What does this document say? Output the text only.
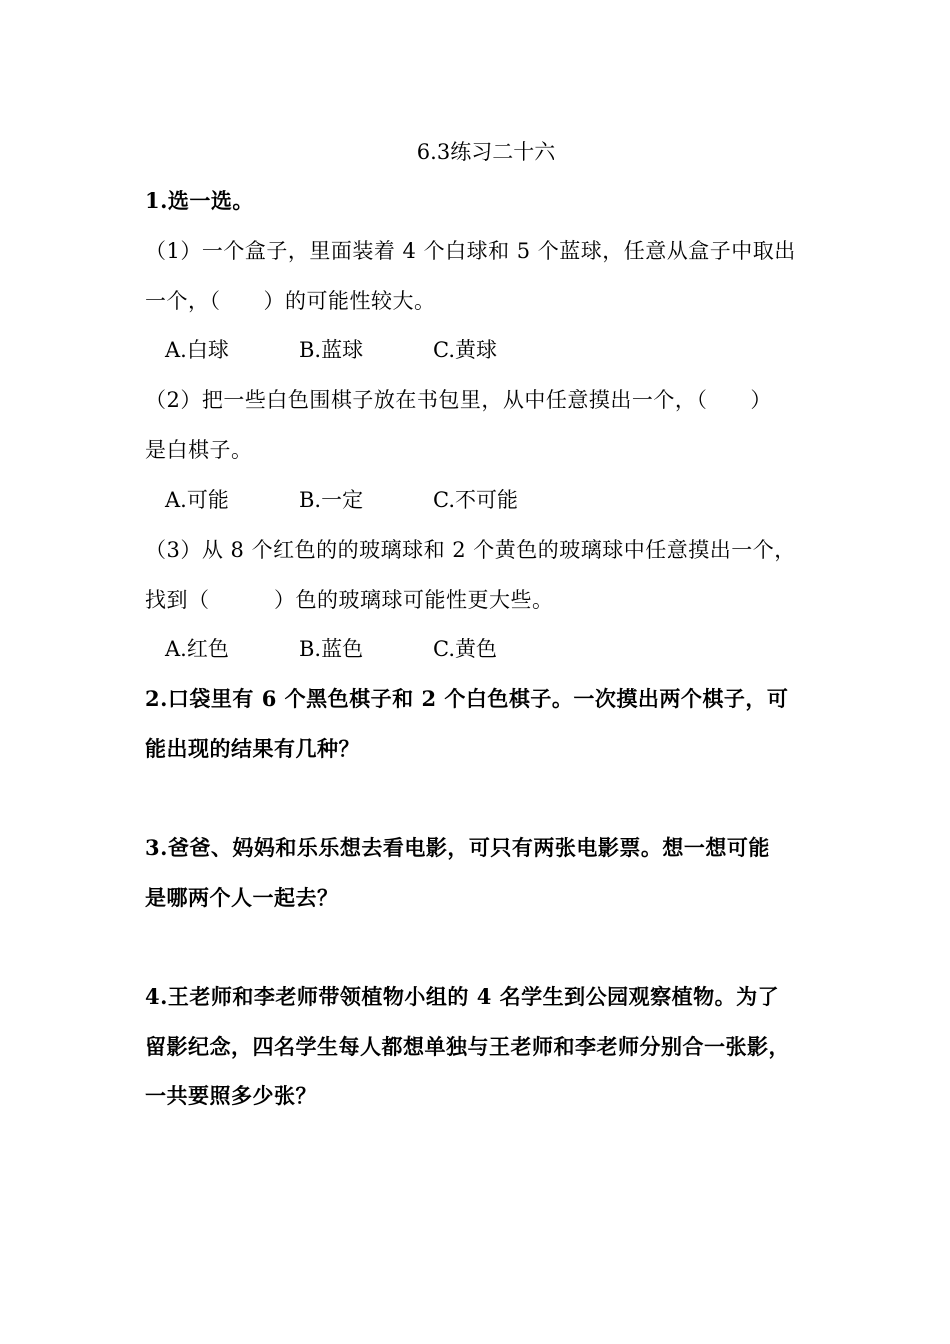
6.3练习二十六
1.选一选。
（1）一个盒子，里面装着 4 个白球和 5 个蓝球，任意从盒子中取出
一个，（　　）的可能性较大。
A.白球	B.蓝球	C.黄球
（2）把一些白色围棋子放在书包里，从中任意摸出一个，（　　）
是白棋子。
A.可能	B.一定	C.不可能
（3）从 8 个红色的的玻璃球和 2 个黄色的玻璃球中任意摸出一个，
找到（　　　）色的玻璃球可能性更大些。
A.红色	B.蓝色	C.黄色
2.口袋里有 6 个黑色棋子和 2 个白色棋子。一次摸出两个棋子，可
能出现的结果有几种？
3.爸爸、妈妈和乐乐想去看电影，可只有两张电影票。想一想可能
是哪两个人一起去？
4.王老师和李老师带领植物小组的 4 名学生到公园观察植物。为了
留影纪念，四名学生每人都想单独与王老师和李老师分别合一张影，
一共要照多少张？
